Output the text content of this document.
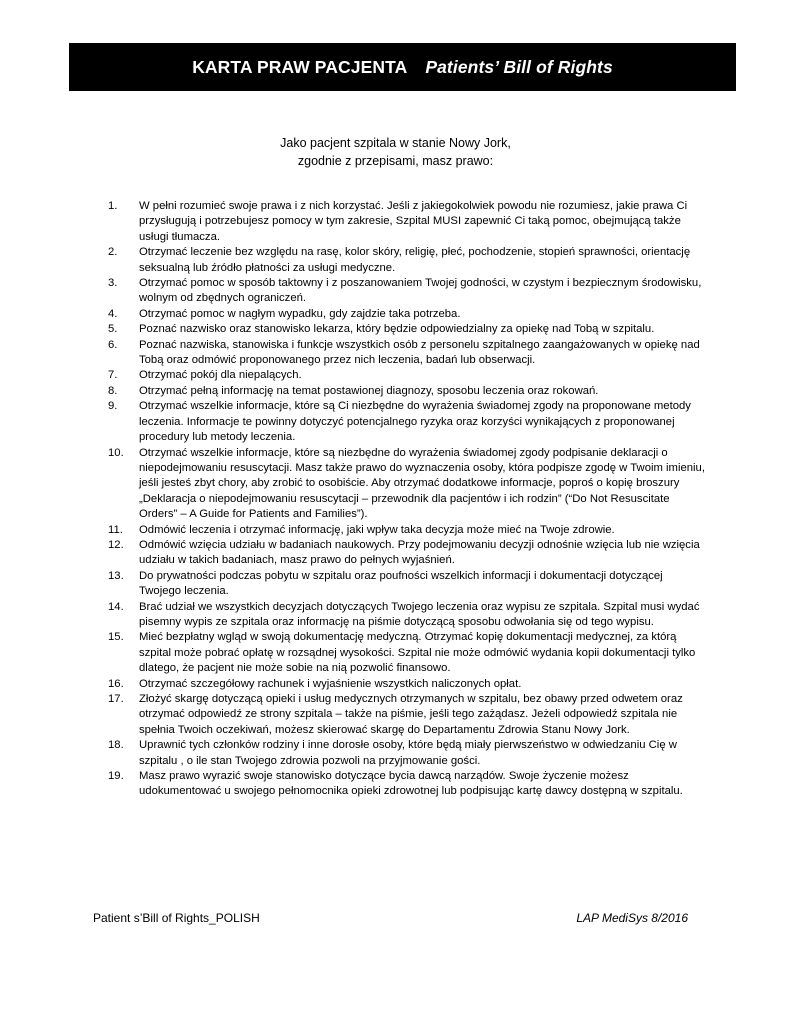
KARTA PRAW PACJENTA Patients’ Bill of Rights
Jako pacjent szpitala w stanie Nowy Jork,
zgodnie z przepisami, masz prawo:
1. W pełni rozumieć swoje prawa i z nich korzystać. Jeśli z jakiegokolwiek powodu nie rozumiesz, jakie prawa Ci przysługują i potrzebujesz pomocy w tym zakresie, Szpital MUSI zapewnić Ci taką pomoc, obejmującą także usługi tłumacza.
2. Otrzymać leczenie bez względu na rasę, kolor skóry, religię, płeć, pochodzenie, stopień sprawności, orientację seksualną lub źródło płatności za usługi medyczne.
3. Otrzymać pomoc w sposób taktowny i z poszanowaniem Twojej godności, w czystym i bezpiecznym środowisku, wolnym od zbędnych ograniczeń.
4. Otrzymać pomoc w nagłym wypadku, gdy zajdzie taka potrzeba.
5. Poznać nazwisko oraz stanowisko lekarza, który będzie odpowiedzialny za opiekę nad Tobą w szpitalu.
6. Poznać nazwiska, stanowiska i funkcje wszystkich osób z personelu szpitalnego zaangażowanych w opiekę nad Tobą oraz odmówić proponowanego przez nich leczenia, badań lub obserwacji.
7. Otrzymać pokój dla niepalących.
8. Otrzymać pełną informację na temat postawionej diagnozy, sposobu leczenia oraz rokowań.
9. Otrzymać wszelkie informacje, które są Ci niezbędne do wyrażenia świadomej zgody na proponowane metody leczenia. Informacje te powinny dotyczyć potencjalnego ryzyka oraz korzyści wynikających z proponowanej procedury lub metody leczenia.
10. Otrzymać wszelkie informacje, które są niezbędne do wyrażenia świadomej zgody podpisanie deklaracji o niepodejmowaniu resuscytacji. Masz także prawo do wyznaczenia osoby, która podpisze zgodę w Twoim imieniu, jeśli jesteś zbyt chory, aby zrobić to osobiście. Aby otrzymać dodatkowe informacje, poproś o kopię broszury „Deklaracja o niepodejmowaniu resuscytacji – przewodnik dla pacjentów i ich rodzin” (“Do Not Resuscitate Orders” – A Guide for Patients and Families”).
11. Odmówić leczenia i otrzymać informację, jaki wpływ taka decyzja może mieć na Twoje zdrowie.
12. Odmówić wzięcia udziału w badaniach naukowych. Przy podejmowaniu decyzji odnośnie wzięcia lub nie wzięcia udziału w takich badaniach, masz prawo do pełnych wyjaśnień.
13. Do prywatności podczas pobytu w szpitalu oraz poufności wszelkich informacji i dokumentacji dotyczącej Twojego leczenia.
14. Brać udział we wszystkich decyzjach dotyczących Twojego leczenia oraz wypisu ze szpitala. Szpital musi wydać pisemny wypis ze szpitala oraz informację na piśmie dotyczącą sposobu odwołania się od tego wypisu.
15. Mieć bezpłatny wgląd w swoją dokumentację medyczną. Otrzymać kopię dokumentacji medycznej, za którą szpital może pobrać opłatę w rozsądnej wysokości. Szpital nie może odmówić wydania kopii dokumentacji tylko dlatego, że pacjent nie może sobie na nią pozwolić finansowo.
16. Otrzymać szczegółowy rachunek i wyjaśnienie wszystkich naliczonych opłat.
17. Złożyć skargę dotyczącą opieki i usług medycznych otrzymanych w szpitalu, bez obawy przed odwetem oraz otrzymać odpowiedź ze strony szpitala – także na piśmie, jeśli tego zażądasz. Jeżeli odpowiedź szpitala nie spełnia Twoich oczekiwań, możesz skierować skargę do Departamentu Zdrowia Stanu Nowy Jork.
18. Uprawnić tych członków rodziny i inne dorosłe osoby, które będą miały pierwszeństwo w odwiedzaniu Cię w szpitalu , o ile stan Twojego zdrowia pozwoli na przyjmowanie gości.
19. Masz prawo wyrazić swoje stanowisko dotyczące bycia dawcą narządów. Swoje życzenie możesz udokumentować u swojego pełnomocnika opieki zdrowotnej lub podpisując kartę dawcy dostępną w szpitalu.
Patient s’Bill of Rights_POLISH	LAP MediSys 8/2016
